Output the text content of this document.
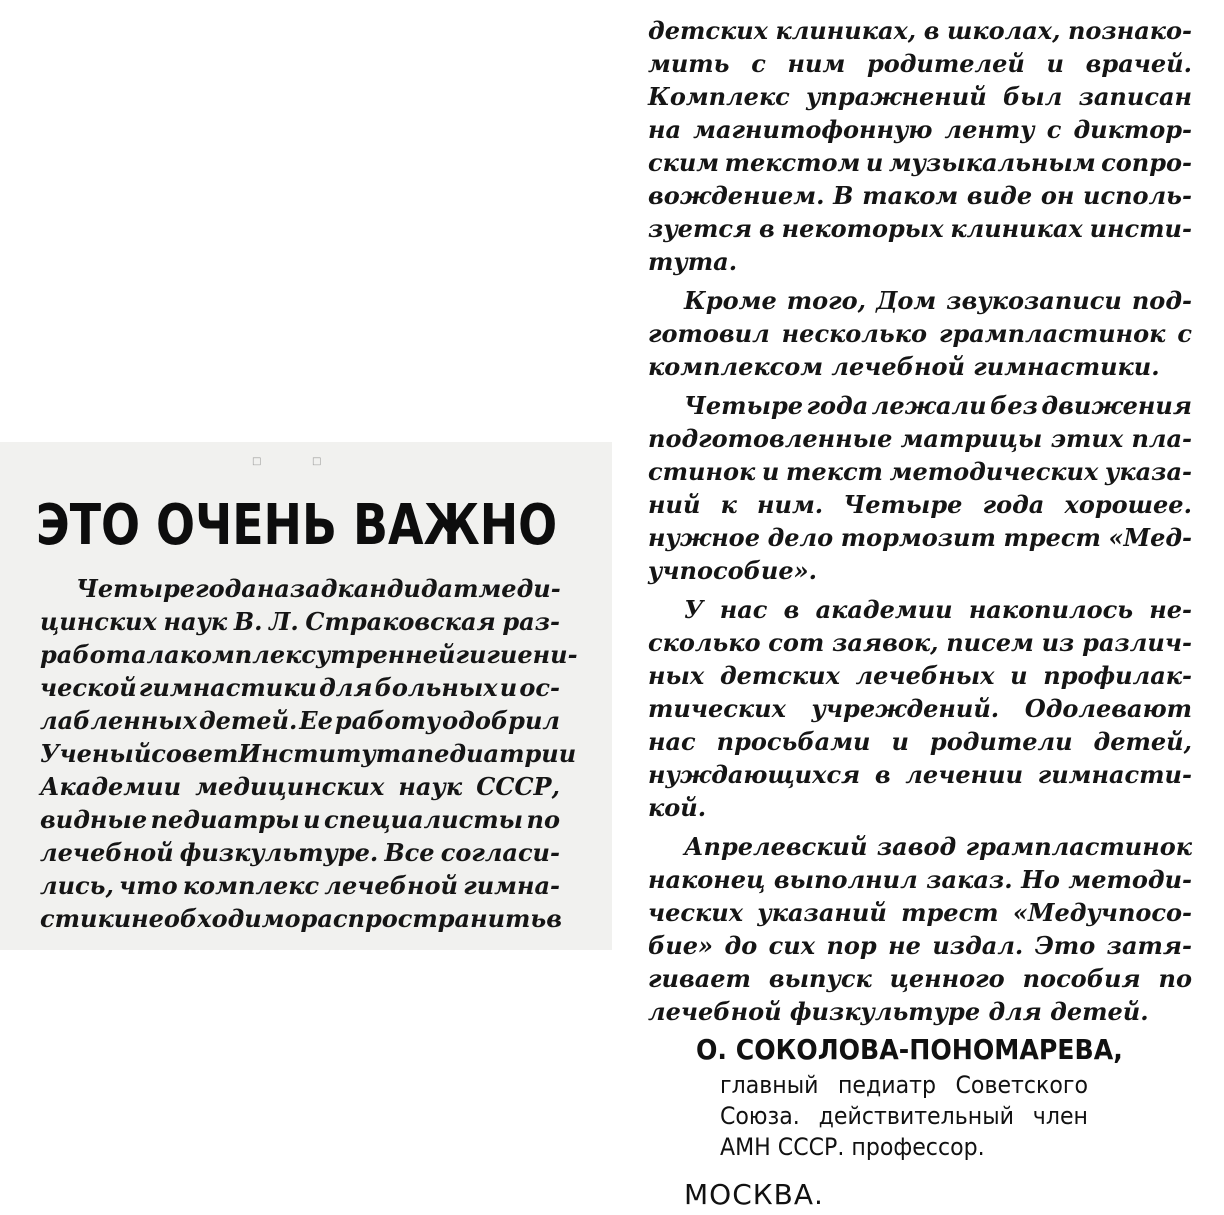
□	□
ЭТО ОЧЕНЬ ВАЖНО
Четыре года назад кандидат меди-
цинских наук В. Л. Страковская раз-
работала комплекс утренней гигиени-
ческой гимнастики для больных и ос-
лабленных детей. Ее работу одобрил
Ученый совет Института педиатрии
Академии медицинских наук СССР,
видные педиатры и специалисты по
лечебной физкультуре. Все согласи-
лись, что комплекс лечебной гимна-
стики необходимо распространить в
детских клиниках, в школах, познако-
мить с ним родителей и врачей.
Комплекс упражнений был записан
на магнитофонную ленту с диктор-
ским текстом и музыкальным сопро-
вождением. В таком виде он исполь-
зуется в некоторых клиниках инсти-
тута.
Кроме того, Дом звукозаписи под-
готовил несколько грампластинок с
комплексом лечебной гимнастики.
Четыре года лежали без движения
подготовленные матрицы этих пла-
стинок и текст методических указа-
ний к ним. Четыре года хорошее.
нужное дело тормозит трест «Мед-
учпособие».
У нас в академии накопилось не-
сколько сот заявок, писем из различ-
ных детских лечебных и профилак-
тических учреждений. Одолевают
нас просьбами и родители детей,
нуждающихся в лечении гимнасти-
кой.
Апрелевский завод грампластинок
наконец выполнил заказ. Но методи-
ческих указаний трест «Медучпосо-
бие» до сих пор не издал. Это затя-
гивает выпуск ценного пособия по
лечебной физкультуре для детей.
О. СОКОЛОВА-ПОНОМАРЕВА,
главный педиатр Советского
Союза. действительный член
АМН СССР. профессор.
МОСКВА.
